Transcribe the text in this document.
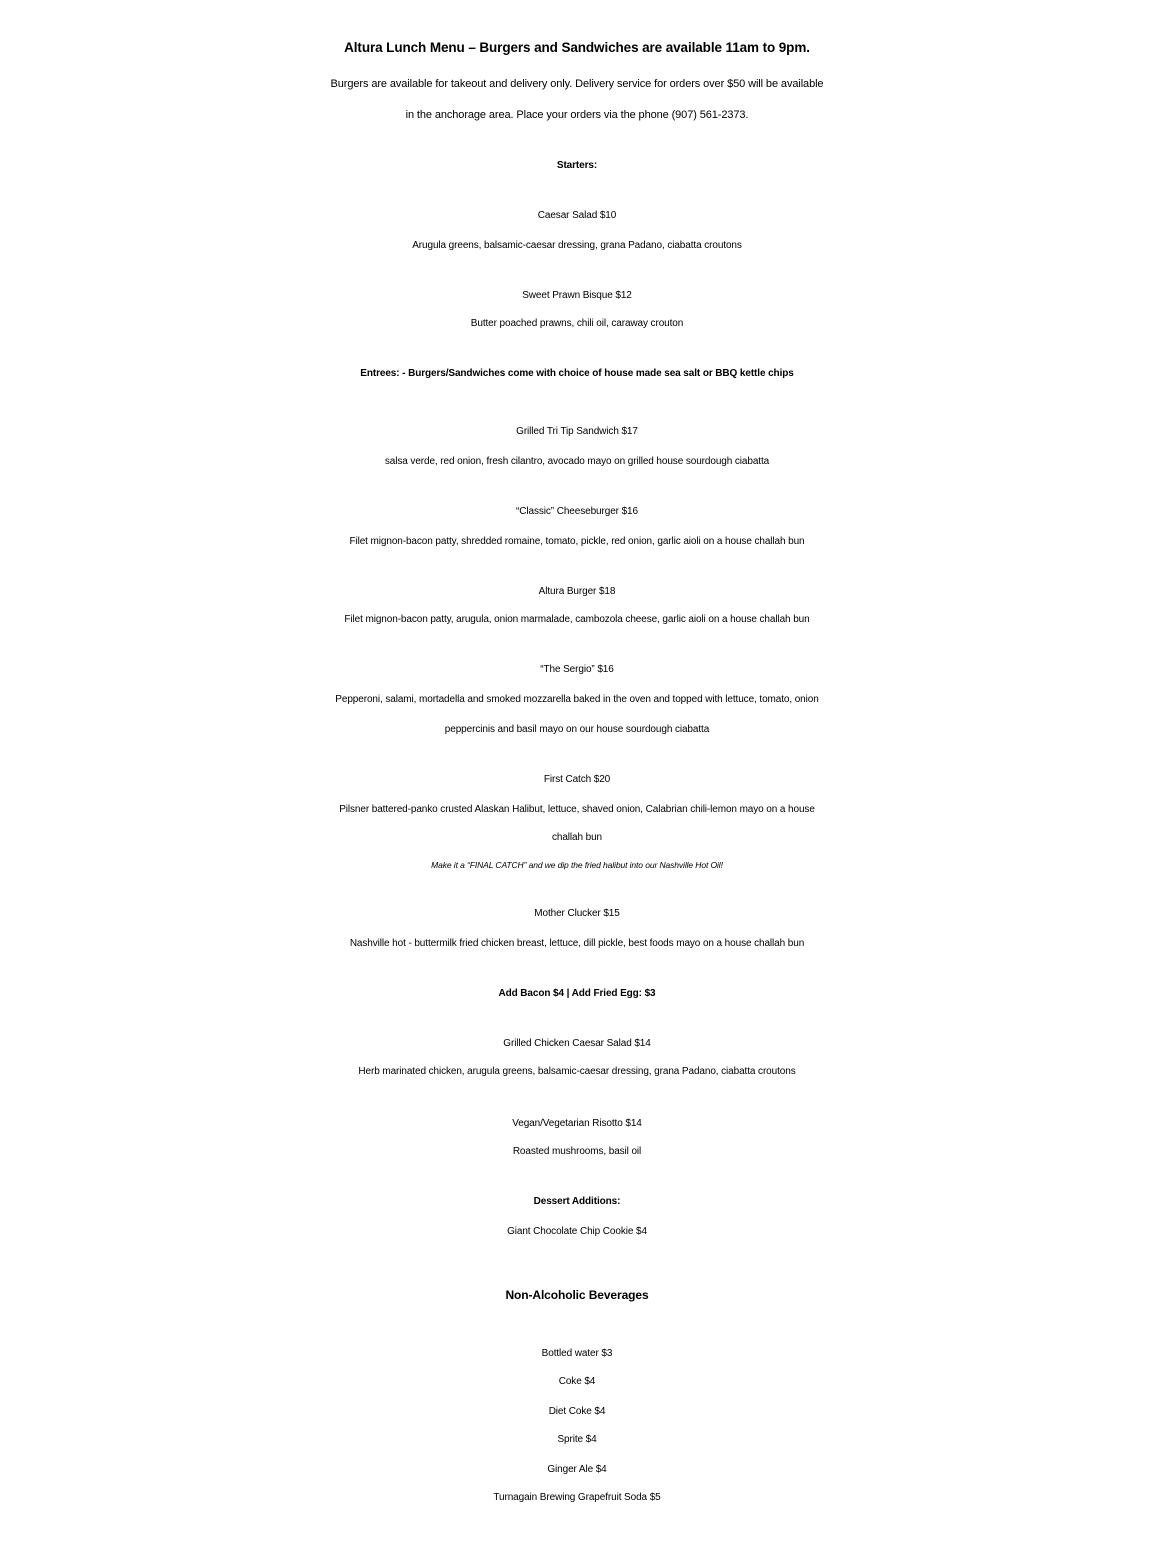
Altura Lunch Menu – Burgers and Sandwiches are available 11am to 9pm.
Burgers are available for takeout and delivery only. Delivery service for orders over $50 will be available
in the anchorage area. Place your orders via the phone (907) 561-2373.
Starters:
Caesar Salad $10
Arugula greens, balsamic-caesar dressing, grana Padano, ciabatta croutons
Sweet Prawn Bisque $12
Butter poached prawns, chili oil, caraway crouton
Entrees: - Burgers/Sandwiches come with choice of house made sea salt or BBQ kettle chips
Grilled Tri Tip Sandwich $17
salsa verde, red onion, fresh cilantro, avocado mayo on grilled house sourdough ciabatta
“Classic” Cheeseburger $16
Filet mignon-bacon patty, shredded romaine, tomato, pickle, red onion, garlic aioli on a house challah bun
Altura Burger $18
Filet mignon-bacon patty, arugula, onion marmalade, cambozola cheese, garlic aioli on a house challah bun
“The Sergio” $16
Pepperoni, salami, mortadella and smoked mozzarella baked in the oven and topped with lettuce, tomato, onion
peppercinis and basil mayo on our house sourdough ciabatta
First Catch $20
Pilsner battered-panko crusted Alaskan Halibut, lettuce, shaved onion, Calabrian chili-lemon mayo on a house
challah bun
Make it a “FINAL CATCH” and we dip the fried halibut into our Nashville Hot Oil!
Mother Clucker $15
Nashville hot - buttermilk fried chicken breast, lettuce, dill pickle, best foods mayo on a house challah bun
Add Bacon $4 | Add Fried Egg: $3
Grilled Chicken Caesar Salad $14
Herb marinated chicken, arugula greens, balsamic-caesar dressing, grana Padano, ciabatta croutons
Vegan/Vegetarian Risotto $14
Roasted mushrooms, basil oil
Dessert Additions:
Giant Chocolate Chip Cookie $4
Non-Alcoholic Beverages
Bottled water $3
Coke $4
Diet Coke $4
Sprite $4
Ginger Ale $4
Turnagain Brewing Grapefruit Soda $5
